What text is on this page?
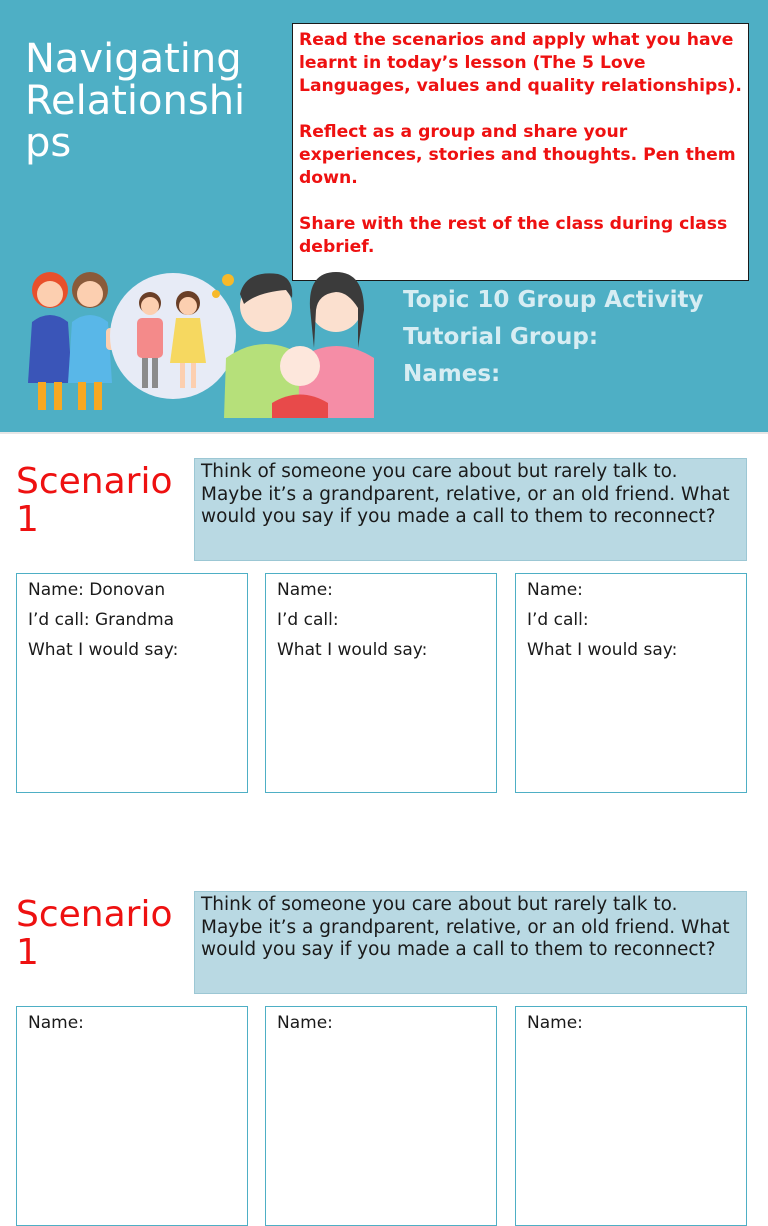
Navigating
Relationshi
ps

Read the scenarios and apply what you have learnt in today’s lesson (The 5 Love Languages, values and quality relationships).

Reflect as a group and share your experiences, stories and thoughts. Pen them down.

Share with the rest of the class during class debrief.

Topic 10 Group Activity
Tutorial Group:
Names:
Scenario
1
Think of someone you care about but rarely talk to. Maybe it’s a grandparent, relative, or an old friend. What would you say if you made a call to them to reconnect?
Name: Donovan
I’d call: Grandma
What I would say:
Name:
I’d call:
What I would say:
Name:
I’d call:
What I would say:
Scenario
1
Think of someone you care about but rarely talk to. Maybe it’s a grandparent, relative, or an old friend. What would you say if you made a call to them to reconnect?
Name:	Name:	Name:
